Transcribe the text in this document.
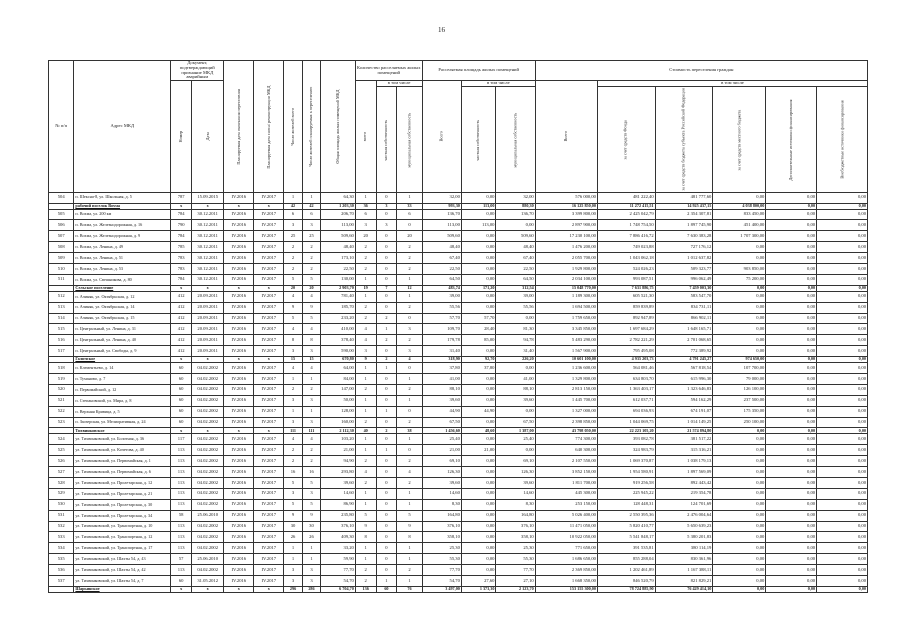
16
№ п/п	Адрес МКД	Документ, подтверждающий признание МКД аварийным		Планируемая дата окончания переселения	Планируемая дата сноса/ реконструкции МКД	Число жителей всего	Число жителей планируемых к переселению	Общая площадь жилых помещений МКД	Количество расселяемых жилых помещений			Расселяемая площадь жилых помещений			Стоимость переселения граждан					
		Номер	Дата						всего	в том числе		Всего	в том числе		Всего	в том числе				
										частная собственность	муниципальная собственность		частная собственность	муниципальная собственность		за счет средств Фонда	за счет средств бюджета субъекта Российской Федерации	за счет средств местного бюджета	Дополнительные источники финансирования	Внебюджетные источники финансирования

504	п. Шексна-8, ул. Школьная, д. 5	787	15.09.2015	IV.2016	IV.2017	1	1	64,30	1	0	1	32,00	0,00	32,00	576 000,00	481 222,40	481 777,60	0,00	0,00	0,00
	рабочий поселок Вохма	х	х	х	х	42	42	1 203,30	36	3	33	993,30	113,00	880,30	16 125 850,00	11 272 415,51	14 925 437,15	4 038 800,00	0,00	0,00
505	п. Вохма, ул. 200 км	784	30.12.2011	IV.2016	IV.2017	6	6	206,70	6	0	6	136,70	0,00	136,70	3 399 800,00	2 425 042,79	2 354 307,81	833 450,00	0,00	0,00
506	п. Вохма, ул. Железнодорожная, д. 16	790	30.12.2011	IV.2016	IV.2017	3	3	113,00	3	3	0	113,00	113,00	0,00	2 897 900,00	1 748 754,50	1 897 745,90	451 400,00	0,00	0,00
507	п. Вохма, ул. Железнодорожная, д. 9	784	30.12.2011	IV.2016	IV.2017	25	25	509,60	20	0	20	509,60	0,00	509,60	17 230 100,00	7 886 416,72	7 630 383,28	1 707 300,00	0,00	0,00
508	п. Вохма, ул. Ленина, д. 49	785	30.12.2011	IV.2016	IV.2017	2	2	48,40	2	0	2	48,40	0,00	48,40	1 476 200,00	749 023,88	727 176,12	0,00	0,00	0,00
509	п. Вохма, ул. Ленина, д. 51	783	30.12.2011	IV.2016	IV.2017	2	2	173,10	2	0	2	67,40	0,00	67,40	2 055 700,00	1 043 062,18	1 012 637,82	0,00	0,00	0,00
510	п. Вохма, ул. Ленина, д. 53	783	30.12.2011	IV.2016	IV.2017	2	2	22,50	2	0	2	22,50	0,00	22,50	1 929 800,00	524 026,23	509 323,77	903 850,00	0,00	0,00
511	п. Вохма, ул. Свешникова, д. 80	784	30.12.2011	IV.2016	IV.2017	5	5	130,00	1	0	1	64,50	0,00	64,50	2 034 100,00	993 087,51	996 062,49	75 200,00	0,00	0,00
	Сельское поселение	х	х	х	х	20	20	2 903,70	19	7	12	483,74	171,20	312,54	15 048 770,00	7 631 886,75	7 459 003,30	0,00	0,00	0,00
512	п. Ачиняк, ул. Октябрьская, д. 12	412	20.09.2011	IV.2016	IV.2017	4	4	781,40	1	0	1	39,00	0,00	39,00	1 189 300,00	605 521,30	583 547,70	0,00	0,00	0,00
513	п. Ачиняк, ул. Октябрьская, д. 14	412	20.09.2011	IV.2016	IV.2017	9	9	185,70	2	0	2	55,56	0,00	55,56	1 694 500,00	859 839,89	834 731,11	0,00	0,00	0,00
514	п. Ачиняк, ул. Октябрьская, д. 15	412	20.09.2011	IV.2016	IV.2017	5	5	233,20	2	2	0	57,70	57,70	0,00	1 759 650,00	892 947,89	866 902,11	0,00	0,00	0,00
515	п. Центральный, ул. Ленина, д. 31	412	20.09.2011	IV.2016	IV.2017	4	4	410,00	4	1	3	109,70	28,40	81,30	3 345 850,00	1 697 684,29	1 648 165,71	0,00	0,00	0,00
516	п. Центральный, ул. Ленина, д. 40	412	20.09.2011	IV.2016	IV.2017	8	8	378,40	4	2	2	179,78	85,00	94,78	5 483 290,00	2 782 221,29	2 701 068,65	0,00	0,00	0,00
517	п. Центральный, ул. Свободы, д. 9	412	20.09.2011	IV.2016	IV.2017	3	3	590,00	3	0	3	31,40	0,00	31,40	1 567 900,00	795 495,08	772 389,92	0,00	0,00	0,00
	Галичское	х	х	х	х	15	15	670,80	9	2	4	318,90	92,70	226,20	10 601 100,00	4 935 203,73	4 791 245,27	974 650,00	0,00	0,00
518	п. Клементьево, д. 14	60	04.02.2002	IV.2016	IV.2017	4	4	64,00	1	1	0	37,80	37,80	0,00	1 236 600,00	564 081,46	567 818,54	107 700,00	0,00	0,00
519	п. Туманово, д. 7	60	04.02.2002	IV.2016	IV.2017	1	1	84,00	1	0	1	41,00	0,00	41,00	1 329 800,00	634 803,70	615 996,30	79 000,00	0,00	0,00
520	п. Первомайский, д. 12	60	04.02.2002	IV.2016	IV.2017	2	2	147,00	2	0	2	88,10	0,00	88,10	2 813 150,00	1 363 403,17	1 323 646,83	126 100,00	0,00	0,00
521	п. Степановский, ул. Мира, д. 8	60	04.02.2002	IV.2016	IV.2017	3	3	50,00	1	0	1	39,60	0,00	39,60	1 445 700,00	612 037,71	594 162,29	237 500,00	0,00	0,00
522	п. Верхняя Кривица, д. 5	60	04.02.2002	IV.2016	IV.2017	1	1	128,00	1	1	0	44,90	44,90	0,00	1 327 000,00	694 036,93	674 191,07	175 350,00	0,00	0,00
523	п. Заозерская, ул. Мелиоративная, д. 24	60	04.02.2002	IV.2016	IV.2017	3	3	160,00	2	0	2	67,50	0,00	67,50	2 398 850,00	1 044 069,75	1 014 149,25	250 100,00	0,00	0,00
	Тихвинковское	х	х	х	х	111	111	2 112,30	40	2	38	1 456,60	48,60	1 387,00	43 798 050,00	22 223 105,20	21 574 894,80	0,00	0,00	0,00
524	ул. Тихвинковский, ул. Болотная, д. 36	117	04.02.2002	IV.2016	IV.2017	4	4	103,20	1	0	1	25,40	0,00	25,40	774 300,00	393 082,78	381 517,22	0,00	0,00	0,00
525	ул. Тихвинковский, ул. Кочетова, д. 40	113	04.02.2002	IV.2016	IV.2017	2	2	21,00	1	1	0	21,00	21,00	0,00	640 300,00	324 983,79	315 316,21	0,00	0,00	0,00
526	ул. Тихвинковский, ул. Первомайская, д. 1	113	04.02.2002	IV.2016	IV.2017	2	2	94,90	2	0	2	69,10	0,00	69,10	2 107 550,00	1 069 370,87	1 038 179,13	0,00	0,00	0,00
527	ул. Тихвинковский, ул. Первомайская, д. 6	113	04.02.2002	IV.2016	IV.2017	16	16	293,80	4	0	4	126,30	0,00	126,30	3 852 150,00	1 954 580,91	1 897 569,09	0,00	0,00	0,00
528	ул. Тихвинковский, ул. Пролетарская, д. 12	113	04.02.2002	IV.2016	IV.2017	5	5	39,60	2	0	2	39,60	0,00	39,60	1 811 700,00	919 256,58	892 443,42	0,00	0,00	0,00
529	ул. Тихвинковский, ул. Пролетарская, д. 21	113	04.02.2002	IV.2016	IV.2017	3	3	14,60	1	0	1	14,60	0,00	14,60	445 300,00	225 945,22	219 354,78	0,00	0,00	0,00
530	ул. Тихвинковский, ул. Пролетарская, д. 30	113	04.02.2002	IV.2016	IV.2017	5	5	86,90	1	0	1	8,30	0,00	8,30	253 150,00	128 448,31	124 701,69	0,00	0,00	0,00
531	ул. Тихвинковский, ул. Пролетарская, д. 34	58	25.06.2010	IV.2016	IV.2017	9	9	235,80	5	0	5	164,80	0,00	164,80	5 026 400,00	2 550 395,36	2 476 004,64	0,00	0,00	0,00
532	ул. Тихвинковский, ул. Транспортная, д. 10	113	04.02.2002	IV.2016	IV.2017	30	30	376,10	9	0	9	376,10	0,00	376,10	11 471 050,00	5 820 410,77	5 650 639,23	0,00	0,00	0,00
533	ул. Тихвинковский, ул. Транспортная, д. 12	113	04.02.2002	IV.2016	IV.2017	26	26	409,30	8	0	8	358,10	0,00	358,10	10 922 050,00	5 541 848,17	5 380 201,83	0,00	0,00	0,00
534	ул. Тихвинковский, ул. Транспортная, д. 17	113	04.02.2002	IV.2016	IV.2017	1	1	33,20	1	0	1	25,30	0,00	25,30	771 650,00	391 535,81	380 114,19	0,00	0,00	0,00
535	ул. Тихвинковский, ул. Шахты 54, д. 43	57	25.06.2010	IV.2016	IV.2017	1	1	59,90	1	0	1	55,30	0,00	55,30	1 686 650,00	855 288,04	830 361,96	0,00	0,00	0,00
536	ул. Тихвинковский, ул. Шахты 54, д. 42	113	04.02.2002	IV.2016	IV.2017	3	3	77,70	2	0	2	77,70	0,00	77,70	2 369 850,00	1 202 461,89	1 167 388,11	0,00	0,00	0,00
537	ул. Тихвинковский, ул. Шахты 54, д. 7	60	31.05.2012	IV.2016	IV.2017	3	3	54,70	2	1	1	54,70	27,60	27,10	1 668 350,00	846 520,79	821 829,21	0,00	0,00	0,00
	Шарьинское	х	х	х	х	296	286	6 704,70	136	60	76	3 497,00	1 373,30	2 123,70	153 155 300,00	78 724 885,90	76 429 414,10	0,00	0,00	0,00
